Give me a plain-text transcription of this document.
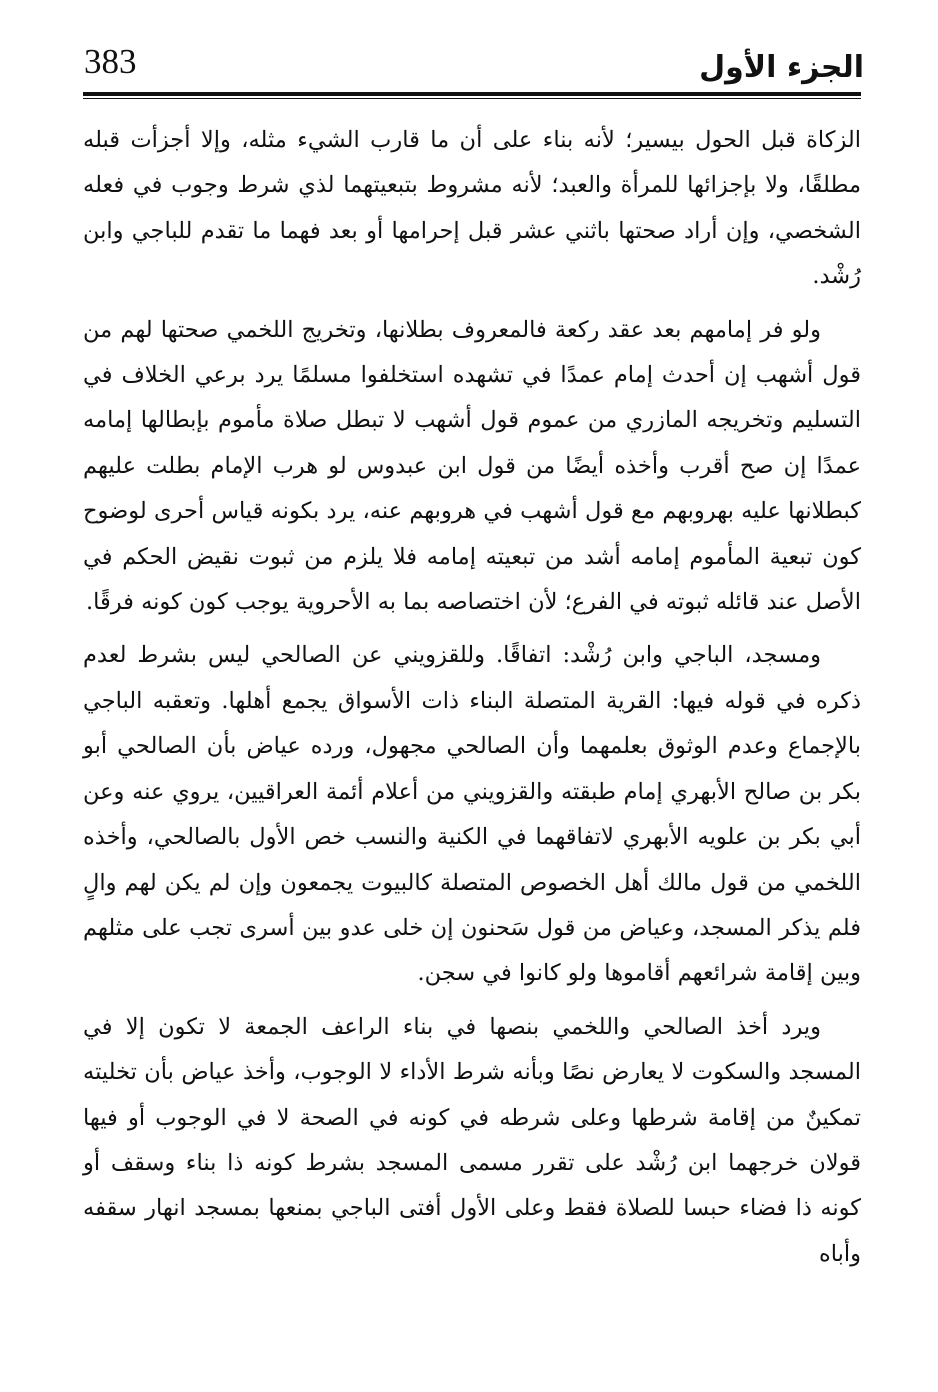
383	الجزء الأول

الزكاة قبل الحول بيسير؛ لأنه بناء على أن ما قارب الشيء مثله، وإلا أجزأت قبله مطلقًا، ولا بإجزائها للمرأة والعبد؛ لأنه مشروط بتبعيتهما لذي شرط وجوب في فعله الشخصي، وإن أراد صحتها باثني عشر قبل إحرامها أو بعد فهما ما تقدم للباجي وابن رُشْد.

ولو فر إمامهم بعد عقد ركعة فالمعروف بطلانها، وتخريج اللخمي صحتها لهم من قول أشهب إن أحدث إمام عمدًا في تشهده استخلفوا مسلمًا يرد برعي الخلاف في التسليم وتخريجه المازري من عموم قول أشهب لا تبطل صلاة مأموم بإبطالها إمامه عمدًا إن صح أقرب وأخذه أيضًا من قول ابن عبدوس لو هرب الإمام بطلت عليهم كبطلانها عليه بهروبهم مع قول أشهب في هروبهم عنه، يرد بكونه قياس أحرى لوضوح كون تبعية المأموم إمامه أشد من تبعيته إمامه فلا يلزم من ثبوت نقيض الحكم في الأصل عند قائله ثبوته في الفرع؛ لأن اختصاصه بما به الأحروية يوجب كون كونه فرقًا.

ومسجد، الباجي وابن رُشْد: اتفاقًا. وللقزويني عن الصالحي ليس بشرط لعدم ذكره في قوله فيها: القرية المتصلة البناء ذات الأسواق يجمع أهلها. وتعقبه الباجي بالإجماع وعدم الوثوق بعلمهما وأن الصالحي مجهول، ورده عياض بأن الصالحي أبو بكر بن صالح الأبهري إمام طبقته والقزويني من أعلام أئمة العراقيين، يروي عنه وعن أبي بكر بن علويه الأبهري لاتفاقهما في الكنية والنسب خص الأول بالصالحي، وأخذه اللخمي من قول مالك أهل الخصوص المتصلة كالبيوت يجمعون وإن لم يكن لهم والٍ فلم يذكر المسجد، وعياض من قول سَحنون إن خلى عدو بين أسرى تجب على مثلهم وبين إقامة شرائعهم أقاموها ولو كانوا في سجن.

ويرد أخذ الصالحي واللخمي بنصها في بناء الراعف الجمعة لا تكون إلا في المسجد والسكوت لا يعارض نصًا وبأنه شرط الأداء لا الوجوب، وأخذ عياض بأن تخليته تمكينٌ من إقامة شرطها وعلى شرطه في كونه في الصحة لا في الوجوب أو فيها قولان خرجهما ابن رُشْد على تقرر مسمى المسجد بشرط كونه ذا بناء وسقف أو كونه ذا فضاء حبسا للصلاة فقط وعلى الأول أفتى الباجي بمنعها بمسجد انهار سقفه وأباه
